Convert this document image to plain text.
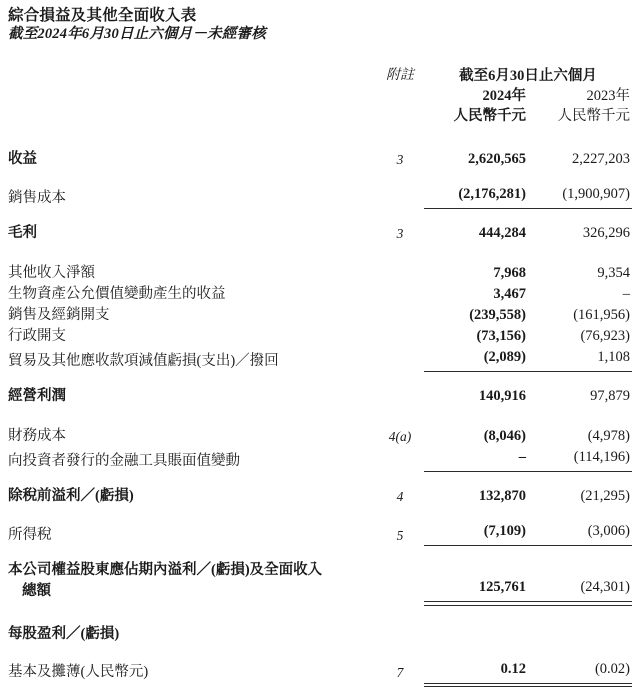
綜合損益及其他全面收入表
截至2024年6月30日止六個月－未經審核
	附註	截至6月30日止六個月	
		2024年	2023年
		人民幣千元	人民幣千元
收益	3	2,620,565	2,227,203
銷售成本		(2,176,281)	(1,900,907)
毛利	3	444,284	326,296
其他收入淨額		7,968	9,354
生物資產公允價值變動產生的收益		3,467	–
銷售及經銷開支		(239,558)	(161,956)
行政開支		(73,156)	(76,923)
貿易及其他應收款項減值虧損(支出)／撥回		(2,089)	1,108
經營利潤		140,916	97,879
財務成本	4(a)	(8,046)	(4,978)
向投資者發行的金融工具賬面值變動		–	(114,196)
除稅前溢利／(虧損)	4	132,870	(21,295)
所得稅	5	(7,109)	(3,006)
本公司權益股東應佔期內溢利／(虧損)及全面收入
總額		125,761	(24,301)
每股盈利／(虧損)			
基本及攤薄(人民幣元)	7	0.12	(0.02)
